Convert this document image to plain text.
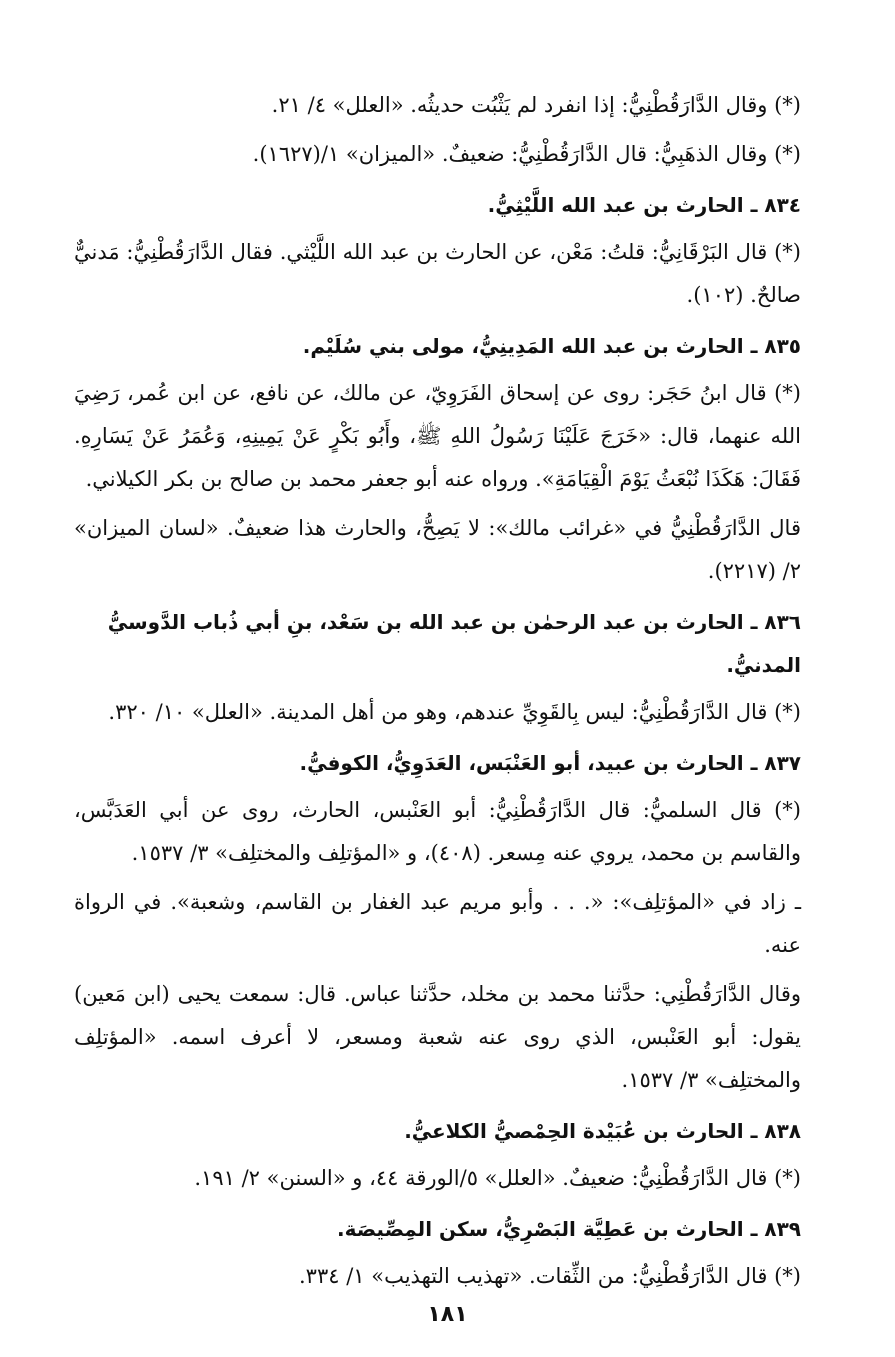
(*) وقال الدَّارَقُطْنِيُّ: إذا انفرد لم يَثْبُت حديثُه. «العلل» ٤/ ٢١.
(*) وقال الذهَبِيُّ: قال الدَّارَقُطْنِيُّ: ضعيفٌ. «الميزان» ١/(١٦٢٧).
٨٣٤ ـ الحارث بن عبد الله اللَّيْثِيُّ.
(*) قال البَرْقَانِيُّ: قلتُ: مَعْن، عن الحارث بن عبد الله اللَّيْثي. فقال الدَّارَقُطْنِيُّ: مَدنيٌّ صالحٌ. (١٠٢).
٨٣٥ ـ الحارث بن عبد الله المَدِينِيُّ، مولى بني سُلَيْم.
(*) قال ابنُ حَجَر: روى عن إسحاق الفَرَوِيّ، عن مالك، عن نافع، عن ابن عُمر، رَضِيَ الله عنهما، قال: «خَرَجَ عَلَيْنَا رَسُولُ اللهِ ﷺ، وأَبُو بَكْرٍ عَنْ يَمِينِهِ، وَعُمَرُ عَنْ يَسَارِهِ. فَقَالَ: هَكَذَا نُبْعَثُ يَوْمَ الْقِيَامَةِ». ورواه عنه أبو جعفر محمد بن صالح بن بكر الكيلاني.
قال الدَّارَقُطْنِيُّ في «غرائب مالك»: لا يَصِحُّ، والحارث هذا ضعيفٌ. «لسان الميزان» ٢/ (٢٢١٧).
٨٣٦ ـ الحارث بن عبد الرحمٰن بن عبد الله بن سَعْد، بنِ أبي ذُباب الدَّوسيُّ المدنيُّ.
(*) قال الدَّارَقُطْنِيُّ: ليس بِالقَوِيِّ عندهم، وهو من أهل المدينة. «العلل» ١٠/ ٣٢٠.
٨٣٧ ـ الحارث بن عبيد، أبو العَنْبَس، العَدَوِيُّ، الكوفيُّ.
(*) قال السلميُّ: قال الدَّارَقُطْنِيُّ: أبو العَنْبس، الحارث، روى عن أبي العَدَبَّس، والقاسم بن محمد، يروي عنه مِسعر. (٤٠٨)، و «المؤتلِف والمختلِف» ٣/ ١٥٣٧.
ـ زاد في «المؤتلِف»: «. . . وأبو مريم عبد الغفار بن القاسم، وشعبة». في الرواة عنه.
وقال الدَّارَقُطْنِي: حدَّثنا محمد بن مخلد، حدَّثنا عباس. قال: سمعت يحيى (ابن مَعين) يقول: أبو العَنْبس، الذي روى عنه شعبة ومسعر، لا أعرف اسمه. «المؤتلِف والمختلِف» ٣/ ١٥٣٧.
٨٣٨ ـ الحارث بن عُبَيْدة الحِمْصيُّ الكلاعيُّ.
(*) قال الدَّارَقُطْنِيُّ: ضعيفٌ. «العلل» ٥/الورقة ٤٤، و «السنن» ٢/ ١٩١.
٨٣٩ ـ الحارث بن عَطِيَّة البَصْرِيُّ، سكن المِصِّيصَة.
(*) قال الدَّارَقُطْنِيُّ: من الثِّقات. «تهذيب التهذيب» ١/ ٣٣٤.
١٨١
